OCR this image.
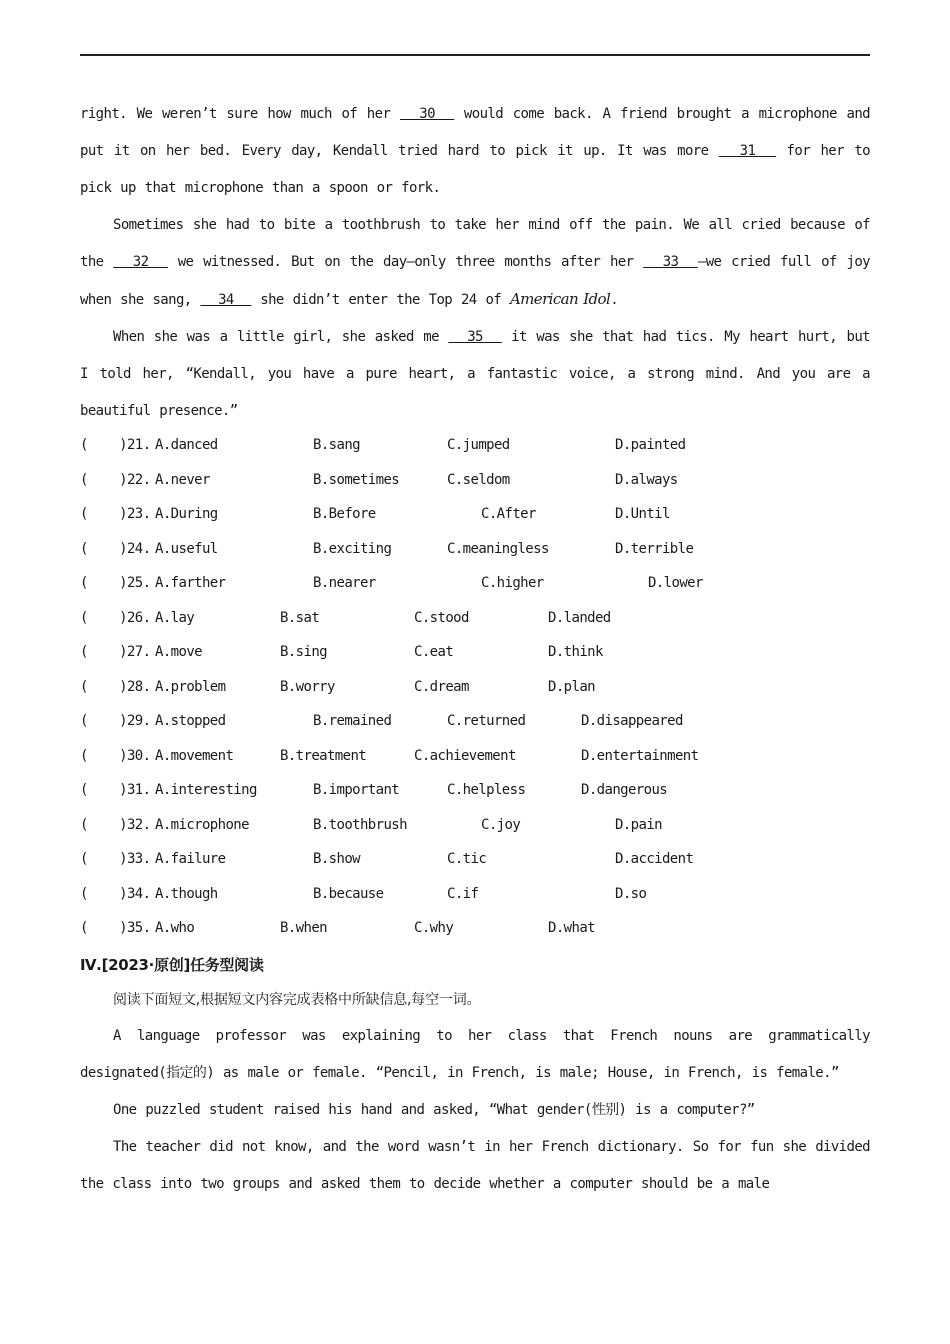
right. We weren’t sure how much of her   30   would come back. A friend brought a microphone and put it on her bed. Every day, Kendall tried hard to pick it up. It was more   31   for her to pick up that microphone than a spoon or fork.

Sometimes she had to bite a toothbrush to take her mind off the pain. We all cried because of the   32   we witnessed. But on the day—only three months after her   33  —we cried full of joy when she sang,   34   she didn’t enter the Top 24 of American Idol.

When she was a little girl, she asked me   35   it was she that had tics. My heart hurt, but I told her, “Kendall, you have a pure heart, a fantastic voice, a strong mind. And you are a beautiful presence.”

(    )21. A.danced	B.sang	C.jumped	D.painted
(    )22. A.never	B.sometimes	C.seldom	D.always
(    )23. A.During	B.Before	C.After	D.Until
(    )24. A.useful	B.exciting	C.meaningless	D.terrible
(    )25. A.farther	B.nearer	C.higher	D.lower
(    )26. A.lay	B.sat	C.stood	D.landed
(    )27. A.move	B.sing	C.eat	D.think
(    )28. A.problem	B.worry	C.dream	D.plan
(    )29. A.stopped	B.remained	C.returned	D.disappeared
(    )30. A.movement	B.treatment	C.achievement	D.entertainment
(    )31. A.interesting	B.important	C.helpless	D.dangerous
(    )32. A.microphone	B.toothbrush	C.joy	D.pain
(    )33. A.failure	B.show	C.tic	D.accident
(    )34. A.though	B.because	C.if	D.so
(    )35. A.who	B.when	C.why	D.what
Ⅳ.[2023·原创]任务型阅读

阅读下面短文,根据短文内容完成表格中所缺信息,每空一词。

A language professor was explaining to her class that French nouns are grammatically designated(指定的) as male or female. “Pencil, in French, is male; House, in French, is female.”

One puzzled student raised his hand and asked, “What gender(性别) is a computer?”

The teacher did not know, and the word wasn’t in her French dictionary. So for fun she divided the class into two groups and asked them to decide whether a computer should be a male
